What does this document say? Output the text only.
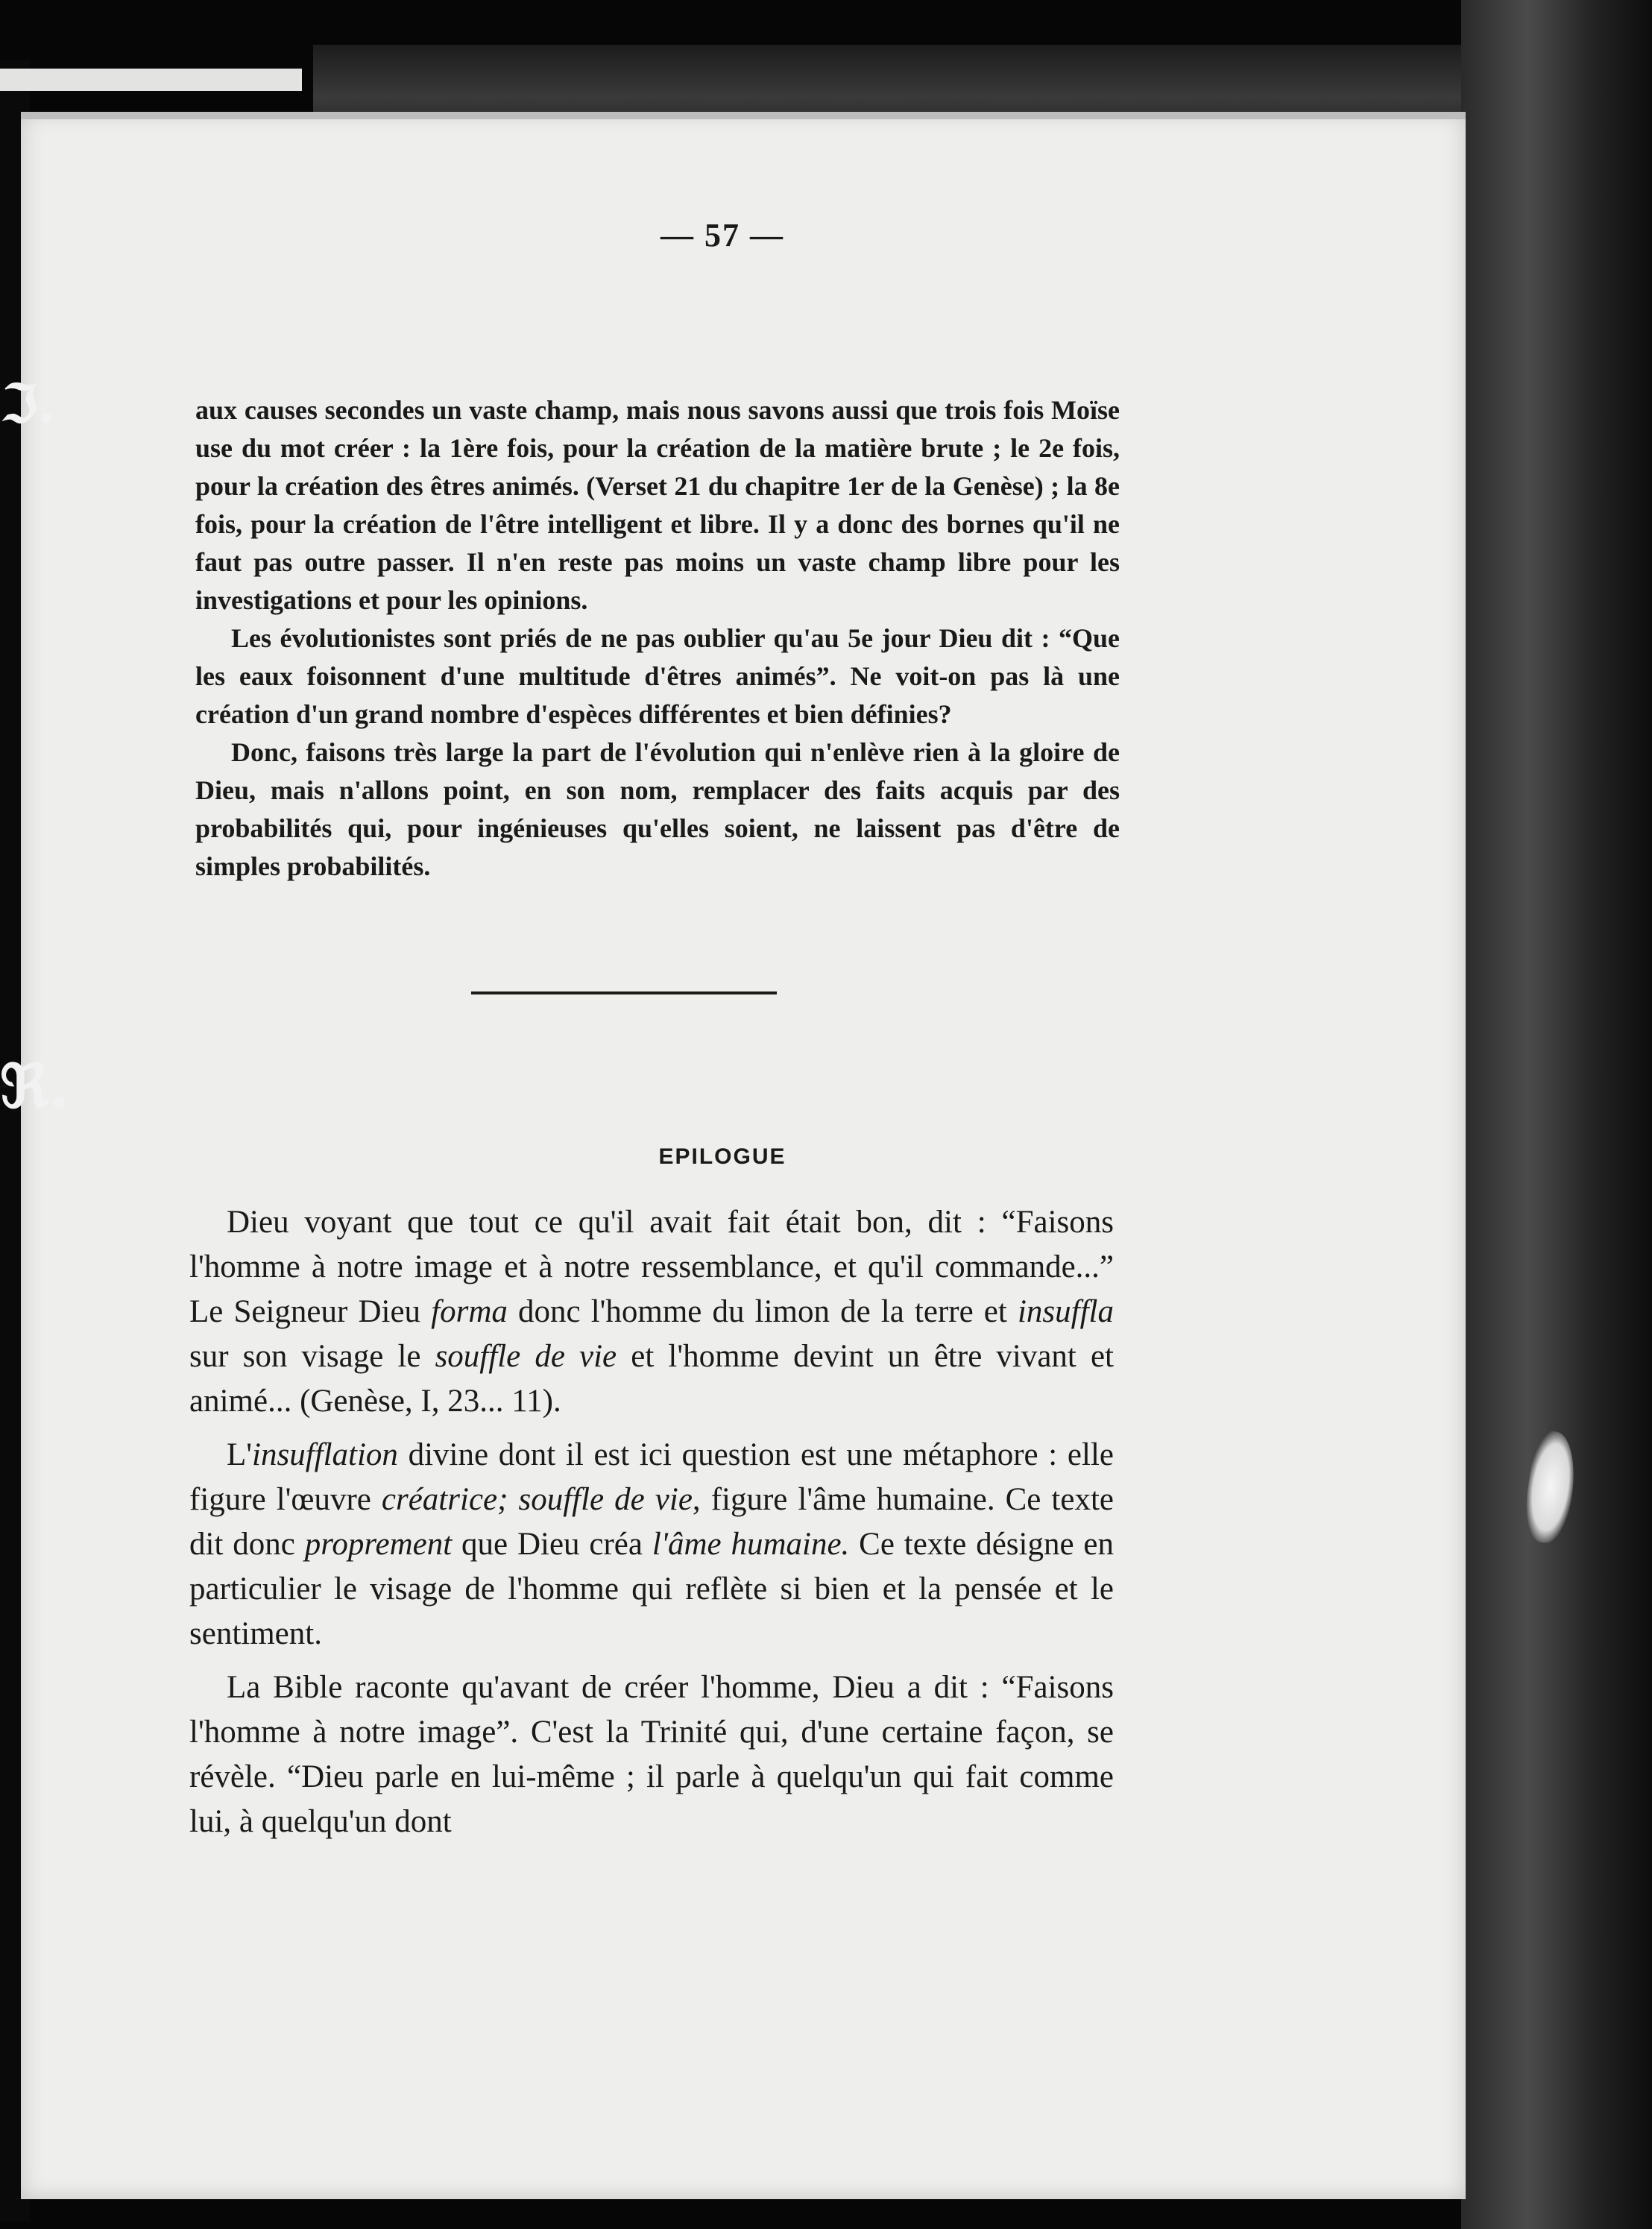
ℑ.
ℜ.
— 57 —

aux causes secondes un vaste champ, mais nous savons aussi que trois fois Moïse use du mot créer : la 1ère fois, pour la création de la matière brute ; le 2e fois, pour la création des êtres animés. (Verset 21 du chapitre 1er de la Genèse) ; la 8e fois, pour la création de l'être intelligent et libre. Il y a donc des bornes qu'il ne faut pas outre passer. Il n'en reste pas moins un vaste champ libre pour les investigations et pour les opinions.

Les évolutionistes sont priés de ne pas oublier qu'au 5e jour Dieu dit : “Que les eaux foisonnent d'une multitude d'êtres animés”. Ne voit-on pas là une création d'un grand nombre d'espèces différentes et bien définies?

Donc, faisons très large la part de l'évolution qui n'enlève rien à la gloire de Dieu, mais n'allons point, en son nom, remplacer des faits acquis par des probabilités qui, pour ingénieuses qu'elles soient, ne laissent pas d'être de simples probabilités.

EPILOGUE

Dieu voyant que tout ce qu'il avait fait était bon, dit : “Faisons l'homme à notre image et à notre ressemblance, et qu'il commande...” Le Seigneur Dieu forma donc l'homme du limon de la terre et insuffla sur son visage le souffle de vie et l'homme devint un être vivant et animé... (Genèse, I, 23... 11).

L'insufflation divine dont il est ici question est une métaphore : elle figure l'œuvre créatrice; souffle de vie, figure l'âme humaine. Ce texte dit donc proprement que Dieu créa l'âme humaine. Ce texte désigne en particulier le visage de l'homme qui reflète si bien et la pensée et le sentiment.

La Bible raconte qu'avant de créer l'homme, Dieu a dit : “Faisons l'homme à notre image”. C'est la Trinité qui, d'une certaine façon, se révèle. “Dieu parle en lui-même ; il parle à quelqu'un qui fait comme lui, à quelqu'un dont
